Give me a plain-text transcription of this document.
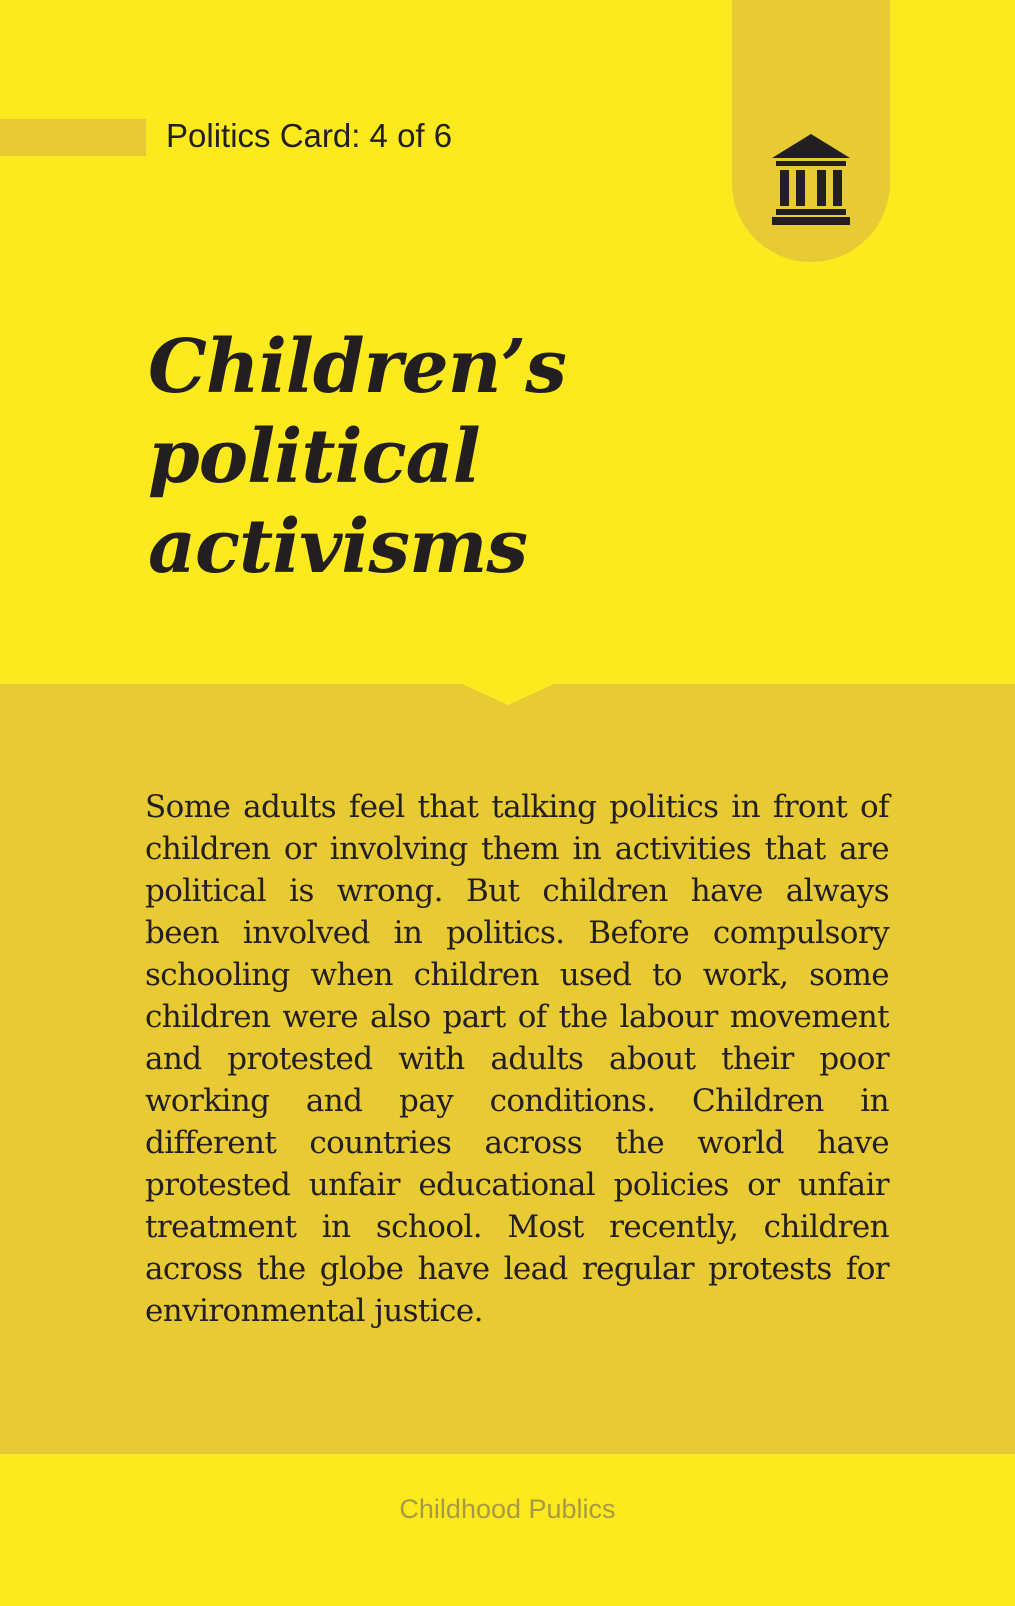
Politics Card: 4 of 6
Children’s
political
activisms

Some adults feel that talking politics in front of children or involving them in activities that are political is wrong. But children have always been involved in politics. Before compulsory schooling when children used to work, some children were also part of the labour movement and protested with adults about their poor working and pay conditions. Children in different countries across the world have protested unfair educational policies or unfair treatment in school. Most recently, children across the globe have lead regular protests for environmental justice.

Childhood Publics
